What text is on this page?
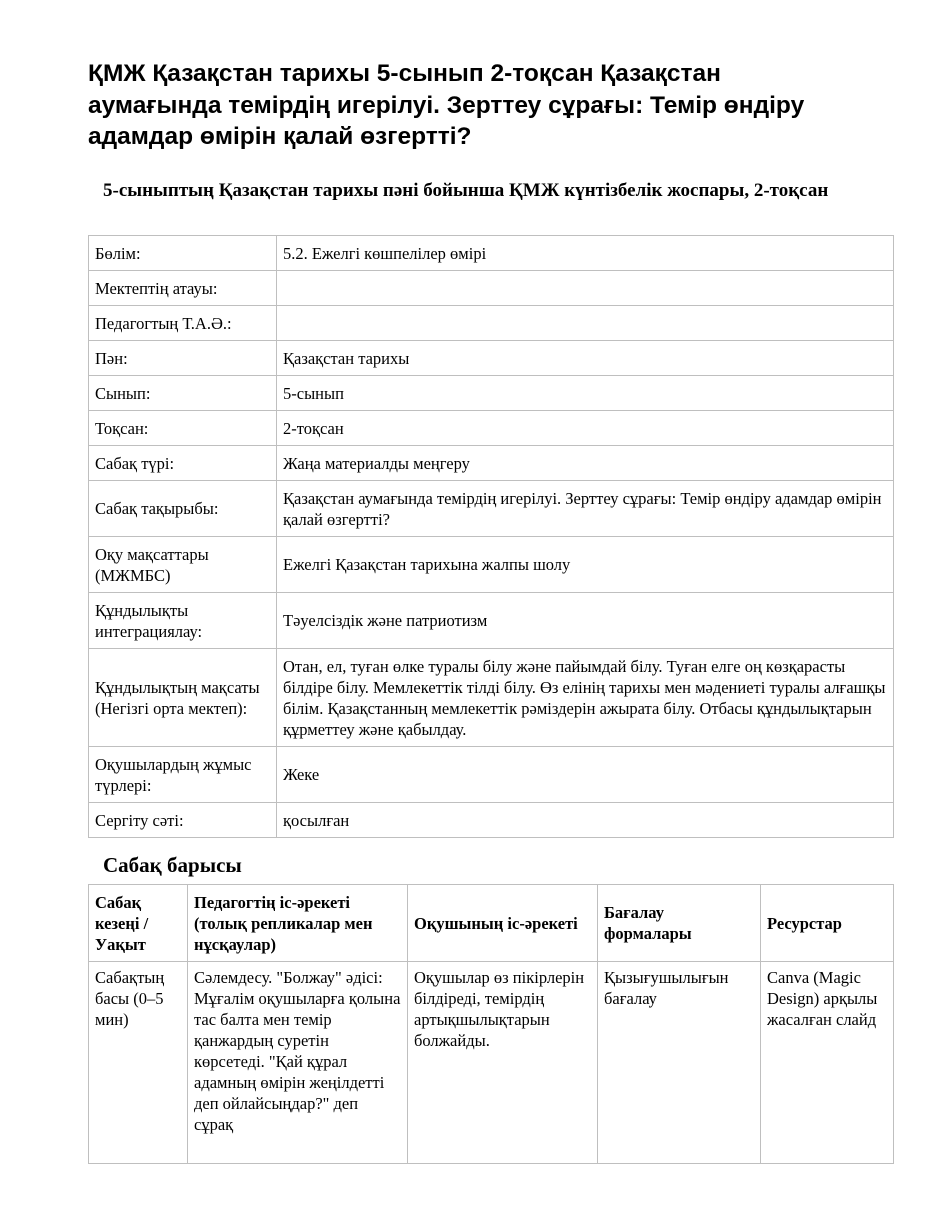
ҚМЖ Қазақстан тарихы 5-сынып 2-тоқсан Қазақстан аумағында темірдің игерілуі. Зерттеу сұрағы: Темір өндіру адамдар өмірін қалай өзгертті?
5-сыныптың Қазақстан тарихы пәні бойынша ҚМЖ күнтізбелік жоспары, 2-тоқсан
Бөлім:	5.2. Ежелгі көшпелілер өмірі
Мектептің атауы:	
Педагогтың Т.А.Ә.:	
Пән:	Қазақстан тарихы
Сынып:	5-сынып
Тоқсан:	2-тоқсан
Сабақ түрі:	Жаңа материалды меңгеру
Сабақ тақырыбы:	Қазақстан аумағында темірдің игерілуі. Зерттеу сұрағы: Темір өндіру адамдар өмірін қалай өзгертті?
Оқу мақсаттары (МЖМБС)	Ежелгі Қазақстан тарихына жалпы шолу
Құндылықты интеграциялау:	Тәуелсіздік және патриотизм
Құндылықтың мақсаты (Негізгі орта мектеп):	Отан, ел, туған өлке туралы білу және пайымдай білу. Туған елге оң көзқарасты білдіре білу. Мемлекеттік тілді білу. Өз елінің тарихы мен мәдениеті туралы алғашқы білім. Қазақстанның мемлекеттік рәміздерін ажырата білу. Отбасы құндылықтарын құрметтеу және қабылдау.
Оқушылардың жұмыс түрлері:	Жеке
Сергіту сәті:	қосылған
Сабақ барысы
Сабақ кезеңі / Уақыт	Педагогтің іс-әрекеті (толық репликалар мен нұсқаулар)	Оқушының іс-әрекеті	Бағалау формалары	Ресурстар
Сабақтың басы (0–5 мин)	Сәлемдесу. "Болжау" әдісі: Мұғалім оқушыларға қолына тас балта мен темір қанжардың суретін көрсетеді. "Қай құрал адамның өмірін жеңілдетті деп ойлайсыңдар?" деп сұрақ	Оқушылар өз пікірлерін білдіреді, темірдің артықшылықтарын болжайды.	Қызығушылығын бағалау	Canva (Magic Design) арқылы жасалған слайд
